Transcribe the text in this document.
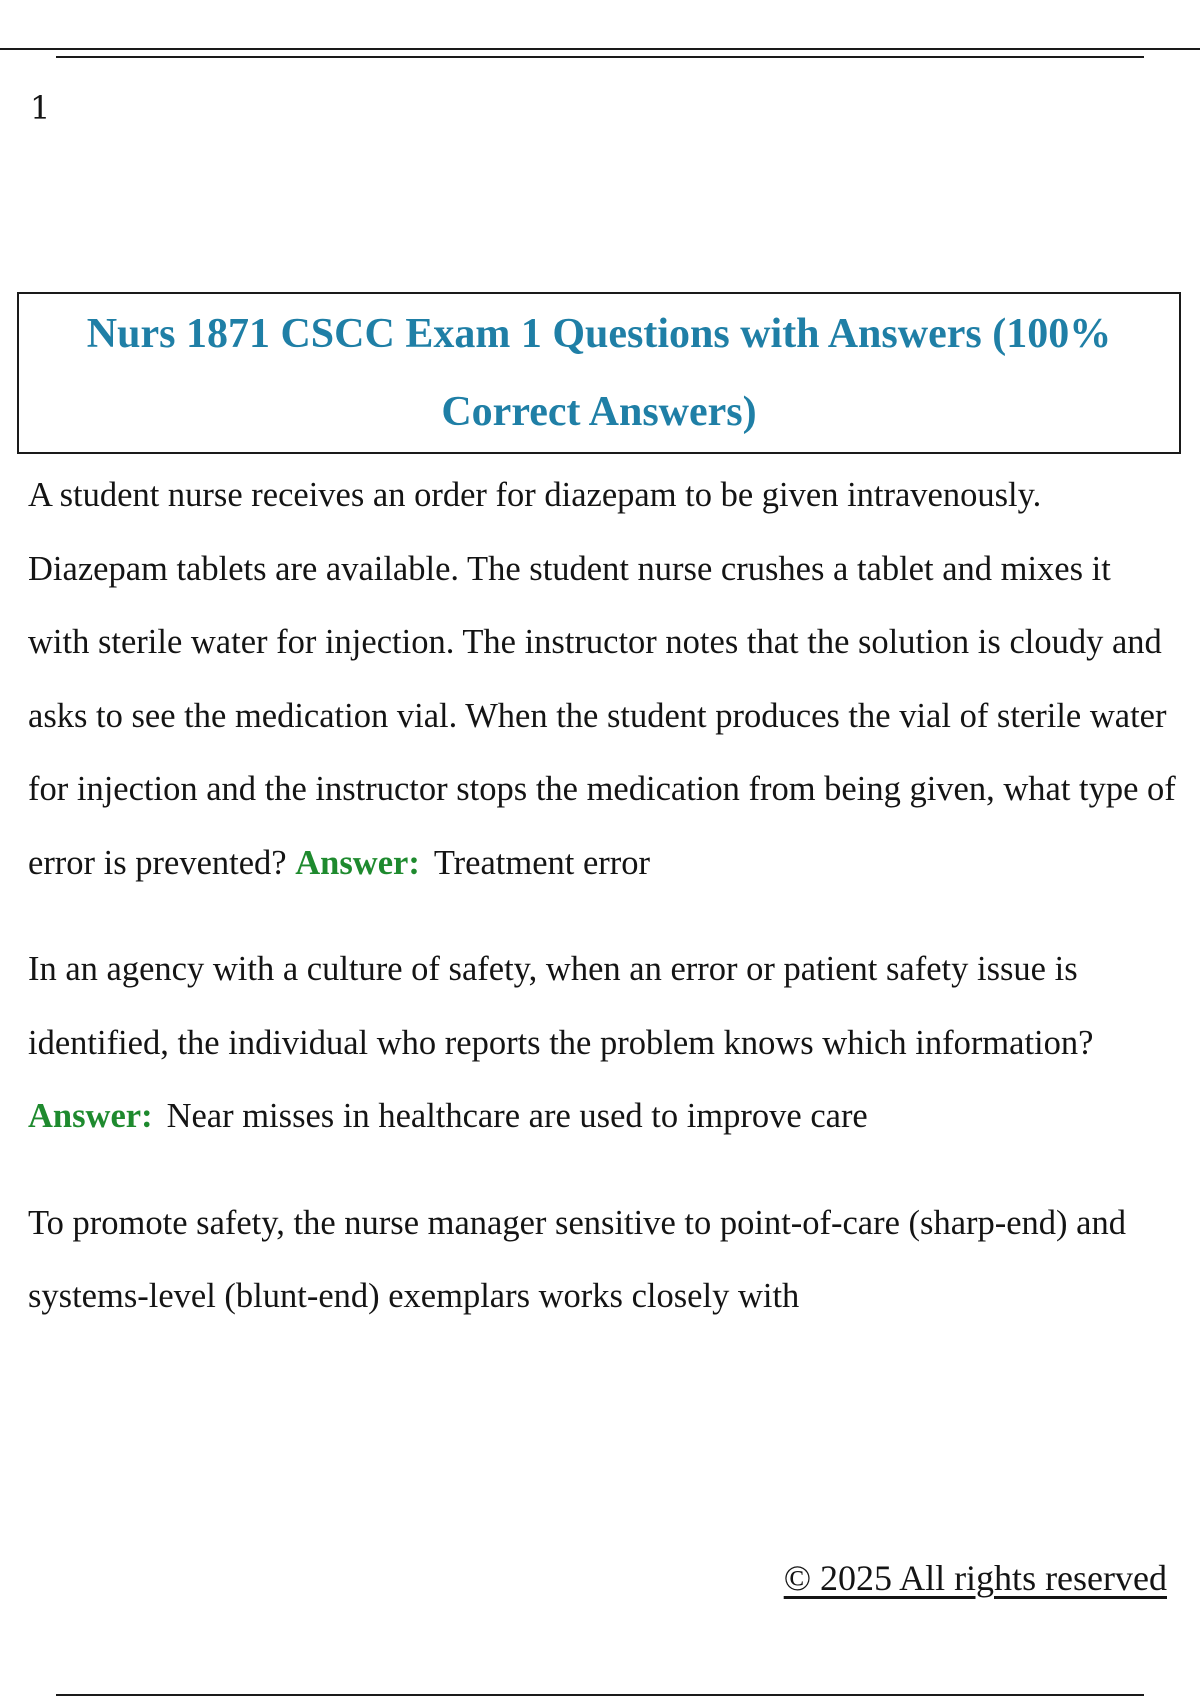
1
Nurs 1871 CSCC Exam 1 Questions with Answers (100% Correct Answers)

A student nurse receives an order for diazepam to be given intravenously. Diazepam tablets are available. The student nurse crushes a tablet and mixes it with sterile water for injection. The instructor notes that the solution is cloudy and asks to see the medication vial. When the student produces the vial of sterile water for injection and the instructor stops the medication from being given, what type of error is prevented? Answer: Treatment error

In an agency with a culture of safety, when an error or patient safety issue is identified, the individual who reports the problem knows which information? Answer: Near misses in healthcare are used to improve care

To promote safety, the nurse manager sensitive to point-of-care (sharp-end) and systems-level (blunt-end) exemplars works closely with

© 2025 All rights reserved
